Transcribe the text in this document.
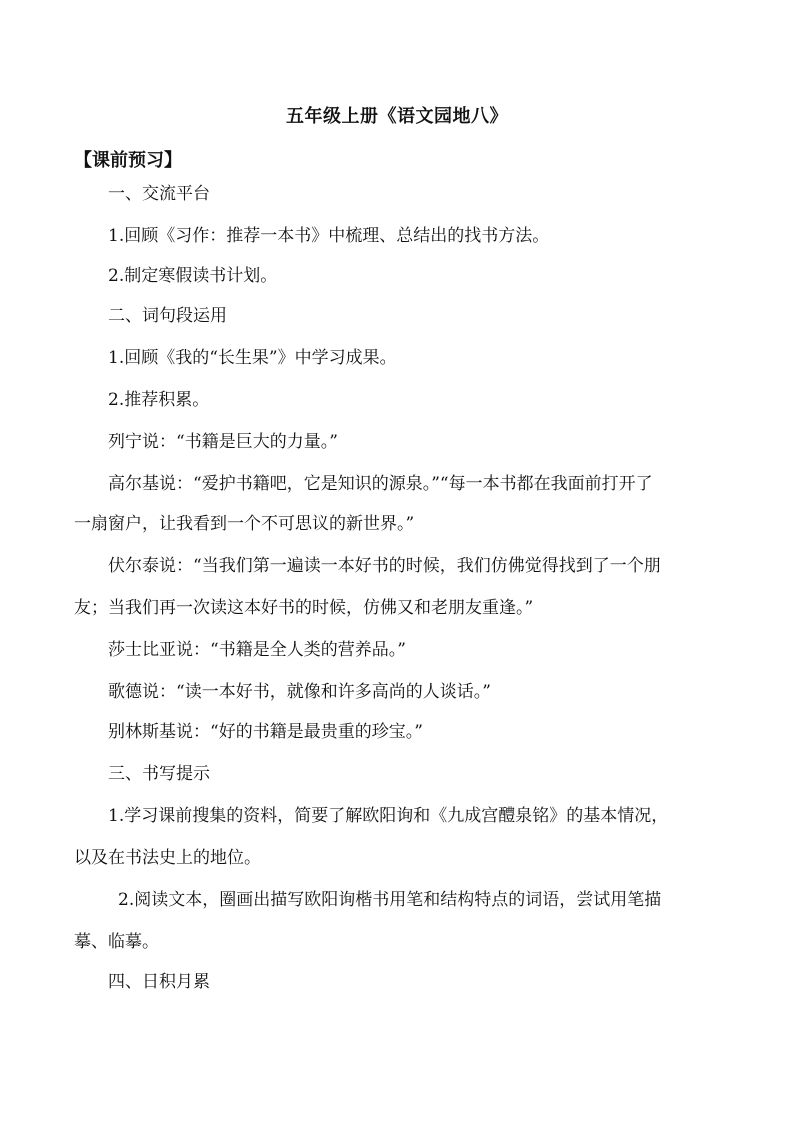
五年级上册《语文园地八》
【课前预习】
一、交流平台
1.回顾《习作：推荐一本书》中梳理、总结出的找书方法。
2.制定寒假读书计划。
二、词句段运用
1.回顾《我的“长生果”》中学习成果。
2.推荐积累。
列宁说：“书籍是巨大的力量。”
高尔基说：“爱护书籍吧，它是知识的源泉。”“每一本书都在我面前打开了
一扇窗户，让我看到一个不可思议的新世界。”
伏尔泰说：“当我们第一遍读一本好书的时候，我们仿佛觉得找到了一个朋
友；当我们再一次读这本好书的时候，仿佛又和老朋友重逢。”
莎士比亚说：“书籍是全人类的营养品。”
歌德说：“读一本好书，就像和许多高尚的人谈话。”
别林斯基说：“好的书籍是最贵重的珍宝。”
三、书写提示
1.学习课前搜集的资料，简要了解欧阳询和《九成宫醴泉铭》的基本情况，
以及在书法史上的地位。
2.阅读文本，圈画出描写欧阳询楷书用笔和结构特点的词语，尝试用笔描
摹、临摹。
四、日积月累
